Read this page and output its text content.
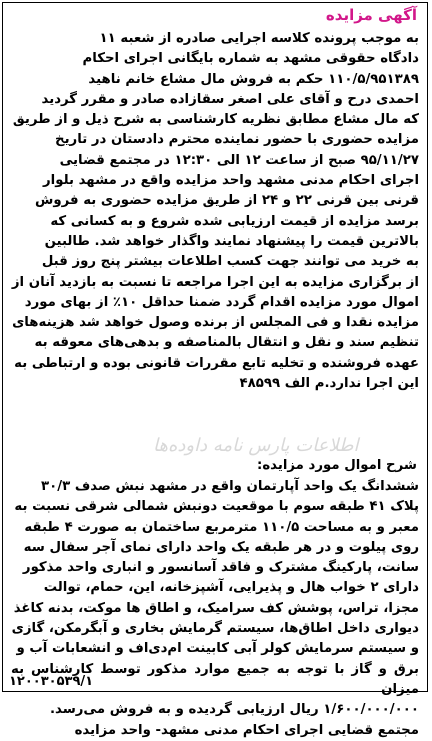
آگهی مزایده
به موجب پرونده کلاسه اجرایی صادره از شعبه ۱۱
دادگاه حقوقی مشهد به شماره بایگانی اجرای احکام
۱۱۰/۵/۹۵۱۳۸۹ حکم به فروش مال مشاع خانم ناهید
احمدی درح و آقای علی اصغر سقازاده صادر و مقرر گردید
که مال مشاع مطابق نظریه کارشناسی به شرح ذیل و از طریق
مزایده حضوری با حضور نماینده محترم دادستان در تاریخ
۹۵/۱۱/۲۷ صبح از ساعت ۱۲ الی ۱۲:۳۰ در مجتمع قضایی
اجرای احکام مدنی مشهد واحد مزایده واقع در مشهد بلوار
قرنی بین قرنی ۲۲ و ۲۴ از طریق مزایده حضوری به فروش
برسد مزایده از قیمت ارزیابی شده شروع و به کسانی که
بالاترین قیمت را پیشنهاد نمایند واگذار خواهد شد. طالبین
به خرید می توانند جهت کسب اطلاعات بیشتر پنج روز قبل
از برگزاری مزایده به این اجرا مراجعه تا نسبت به بازدید آنان از
اموال مورد مزایده اقدام گردد ضمنا حداقل ۱۰٪ از بهای مورد
مزایده نقدا و فی المجلس از برنده وصول خواهد شد هزینه‌های
تنظیم سند و نقل و انتقال بالمناصفه و بدهی‌های معوقه به
عهده فروشنده و تخلیه تابع مقررات قانونی بوده و ارتباطی به
این اجرا ندارد.م الف ۴۸۵۹۹
اطلاعات پارس نامه داوده‌ها
شرح اموال مورد مزایده:
ششدانگ یک واحد آپارتمان واقع در مشهد نبش صدف ۳۰/۳
پلاک ۴۱ طبقه سوم با موقعیت دونبش شمالی شرقی نسبت به
معبر و به مساحت ۱۱۰/۵ مترمربع ساختمان به صورت ۴ طبقه
روی پیلوت و در هر طبقه یک واحد دارای نمای آجر سفال سه
سانت، پارکینگ مشترک و فاقد آسانسور و انباری واحد مذکور
دارای ۲ خواب هال و پذیرایی، آشپزخانه، این، حمام، توالت
مجزا، تراس، پوشش کف سرامیک، و اطاق ها موکت، بدنه کاغذ
دیواری داخل اطاق‌ها، سیستم گرمایش بخاری و آبگرمکن، گازی
و سیستم سرمایش کولر آبی کابینت ام‌دی‌اف و انشعابات آب و
برق و گاز با توجه به جمیع موارد مذکور توسط کارشناس به میزان
۱/۶۰۰/۰۰۰/۰۰۰ ریال ارزیابی گردیده و به فروش می‌رسد.
مجتمع قضایی اجرای احکام مدنی مشهد- واحد مزایده
۱۲۰۰۳۰۵۳۹/۱
